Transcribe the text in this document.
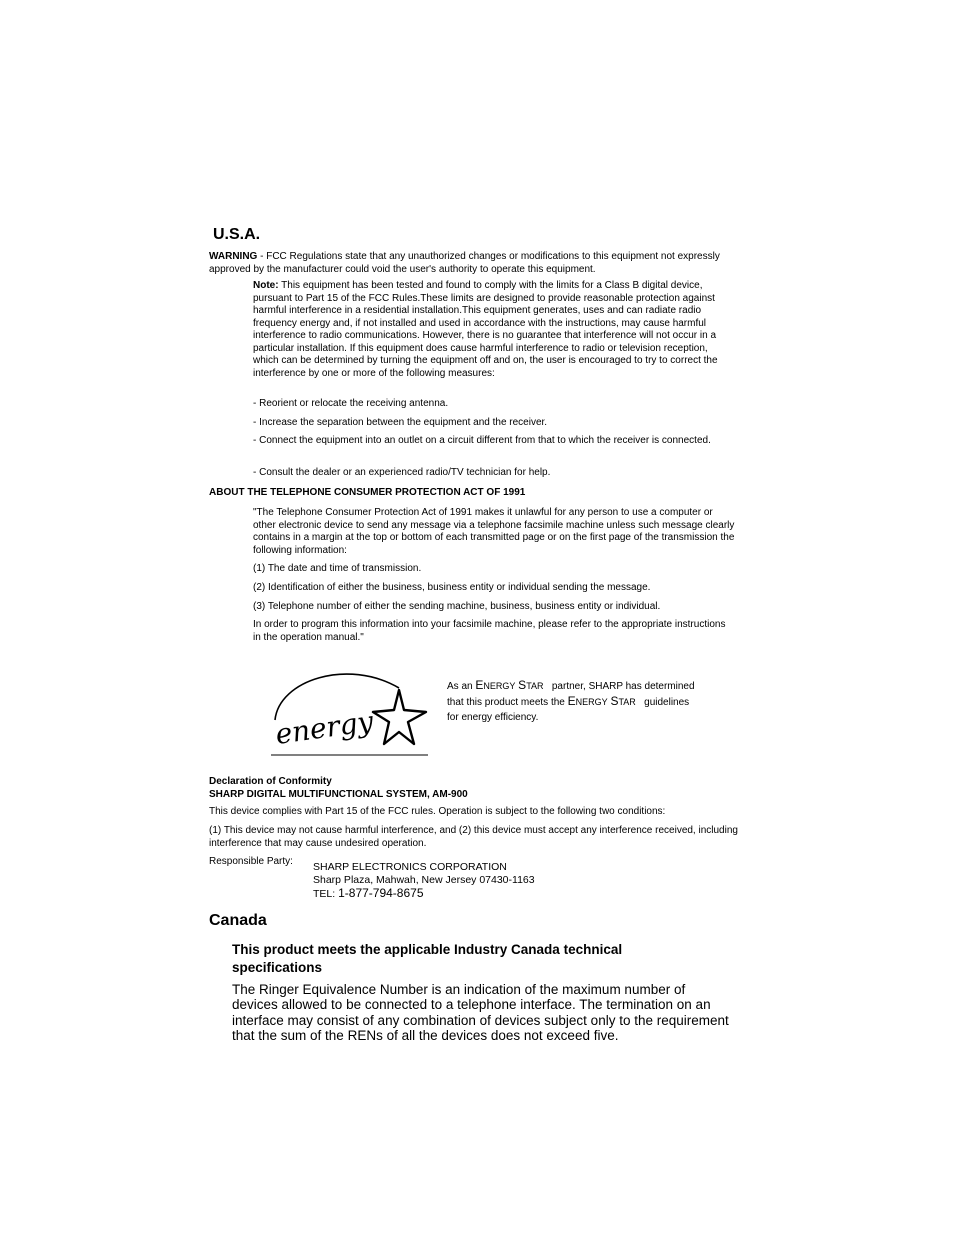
U.S.A.

WARNING - FCC Regulations state that any unauthorized changes or modifications to this equipment not expressly approved by the manufacturer could void the user's authority to operate this equipment.

Note: This equipment has been tested and found to comply with the limits for a Class B digital device, pursuant to Part 15 of the FCC Rules.These limits are designed to provide reasonable protection against harmful interference in a residential installation.This equipment generates, uses and can radiate radio frequency energy and, if not installed and used in accordance with the instructions, may cause harmful interference to radio communications. However, there is no guarantee that interference will not occur in a particular installation. If this equipment does cause harmful interference to radio or television reception, which can be determined by turning the equipment off and on, the user is encouraged to try to correct the interference by one or more of the following measures:

- Reorient or relocate the receiving antenna.

- Increase the separation between the equipment and the receiver.

- Connect the equipment into an outlet on a circuit different from that to which the receiver is connected.

- Consult the dealer or an experienced radio/TV technician for help.

ABOUT THE TELEPHONE CONSUMER PROTECTION ACT OF 1991

"The Telephone Consumer Protection Act of 1991 makes it unlawful for any person to use a computer or other electronic device to send any message via a telephone facsimile machine unless such message clearly contains in a margin at the top or bottom of each transmitted page or on the first page of the transmission the following information:

(1) The date and time of transmission.

(2) Identification of either the business, business entity or individual sending the message.

(3) Telephone number of either the sending machine, business, business entity or individual.

In order to program this information into your facsimile machine, please refer to the appropriate instructions in the operation manual."

energy
As an ENERGY STAR partner, SHARP has determined
that this product meets the ENERGY STAR guidelines
for energy efficiency.
Declaration of Conformity
SHARP DIGITAL MULTIFUNCTIONAL SYSTEM, AM-900

This device complies with Part 15 of the FCC rules. Operation is subject to the following two conditions:

(1) This device may not cause harmful interference, and (2) this device must accept any interference received, including interference that may cause undesired operation.

Responsible Party: SHARP ELECTRONICS CORPORATION
Sharp Plaza, Mahwah, New Jersey 07430-1163
TEL: 1-877-794-8675
Canada

This product meets the applicable Industry Canada technical specifications

The Ringer Equivalence Number is an indication of the maximum number of devices allowed to be connected to a telephone interface. The termination on an interface may consist of any combination of devices subject only to the requirement that the sum of the RENs of all the devices does not exceed five.
